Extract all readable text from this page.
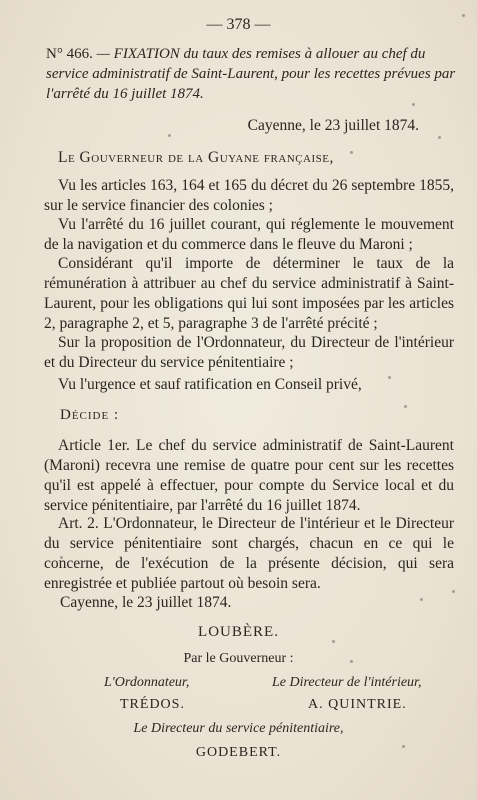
— 378 —
N° 466. — FIXATION du taux des remises à allouer au chef du service administratif de Saint-Laurent, pour les recettes prévues par l'arrêté du 16 juillet 1874.
Cayenne, le 23 juillet 1874.
Le Gouverneur de la Guyane française,
Vu les articles 163, 164 et 165 du décret du 26 septembre 1855, sur le service financier des colonies ;
Vu l'arrêté du 16 juillet courant, qui réglemente le mouvement de la navigation et du commerce dans le fleuve du Maroni ;
Considérant qu'il importe de déterminer le taux de la rémunération à attribuer au chef du service administratif à Saint-Laurent, pour les obligations qui lui sont imposées par les articles 2, paragraphe 2, et 5, paragraphe 3 de l'arrêté précité ;
Sur la proposition de l'Ordonnateur, du Directeur de l'intérieur et du Directeur du service pénitentiaire ;
Vu l'urgence et sauf ratification en Conseil privé,
Décide :
Article 1er. Le chef du service administratif de Saint-Laurent (Maroni) recevra une remise de quatre pour cent sur les recettes qu'il est appelé à effectuer, pour compte du Service local et du service pénitentiaire, par l'arrêté du 16 juillet 1874.
Art. 2. L'Ordonnateur, le Directeur de l'intérieur et le Directeur du service pénitentiaire sont chargés, chacun en ce qui le concerne, de l'exécution de la présente décision, qui sera enregistrée et publiée partout où besoin sera.
Cayenne, le 23 juillet 1874.
LOUBÈRE.
Par le Gouverneur :
L'Ordonnateur,	Le Directeur de l'intérieur,
TRÉDOS.	A. QUINTRIE.
Le Directeur du service pénitentiaire,
GODEBERT.
